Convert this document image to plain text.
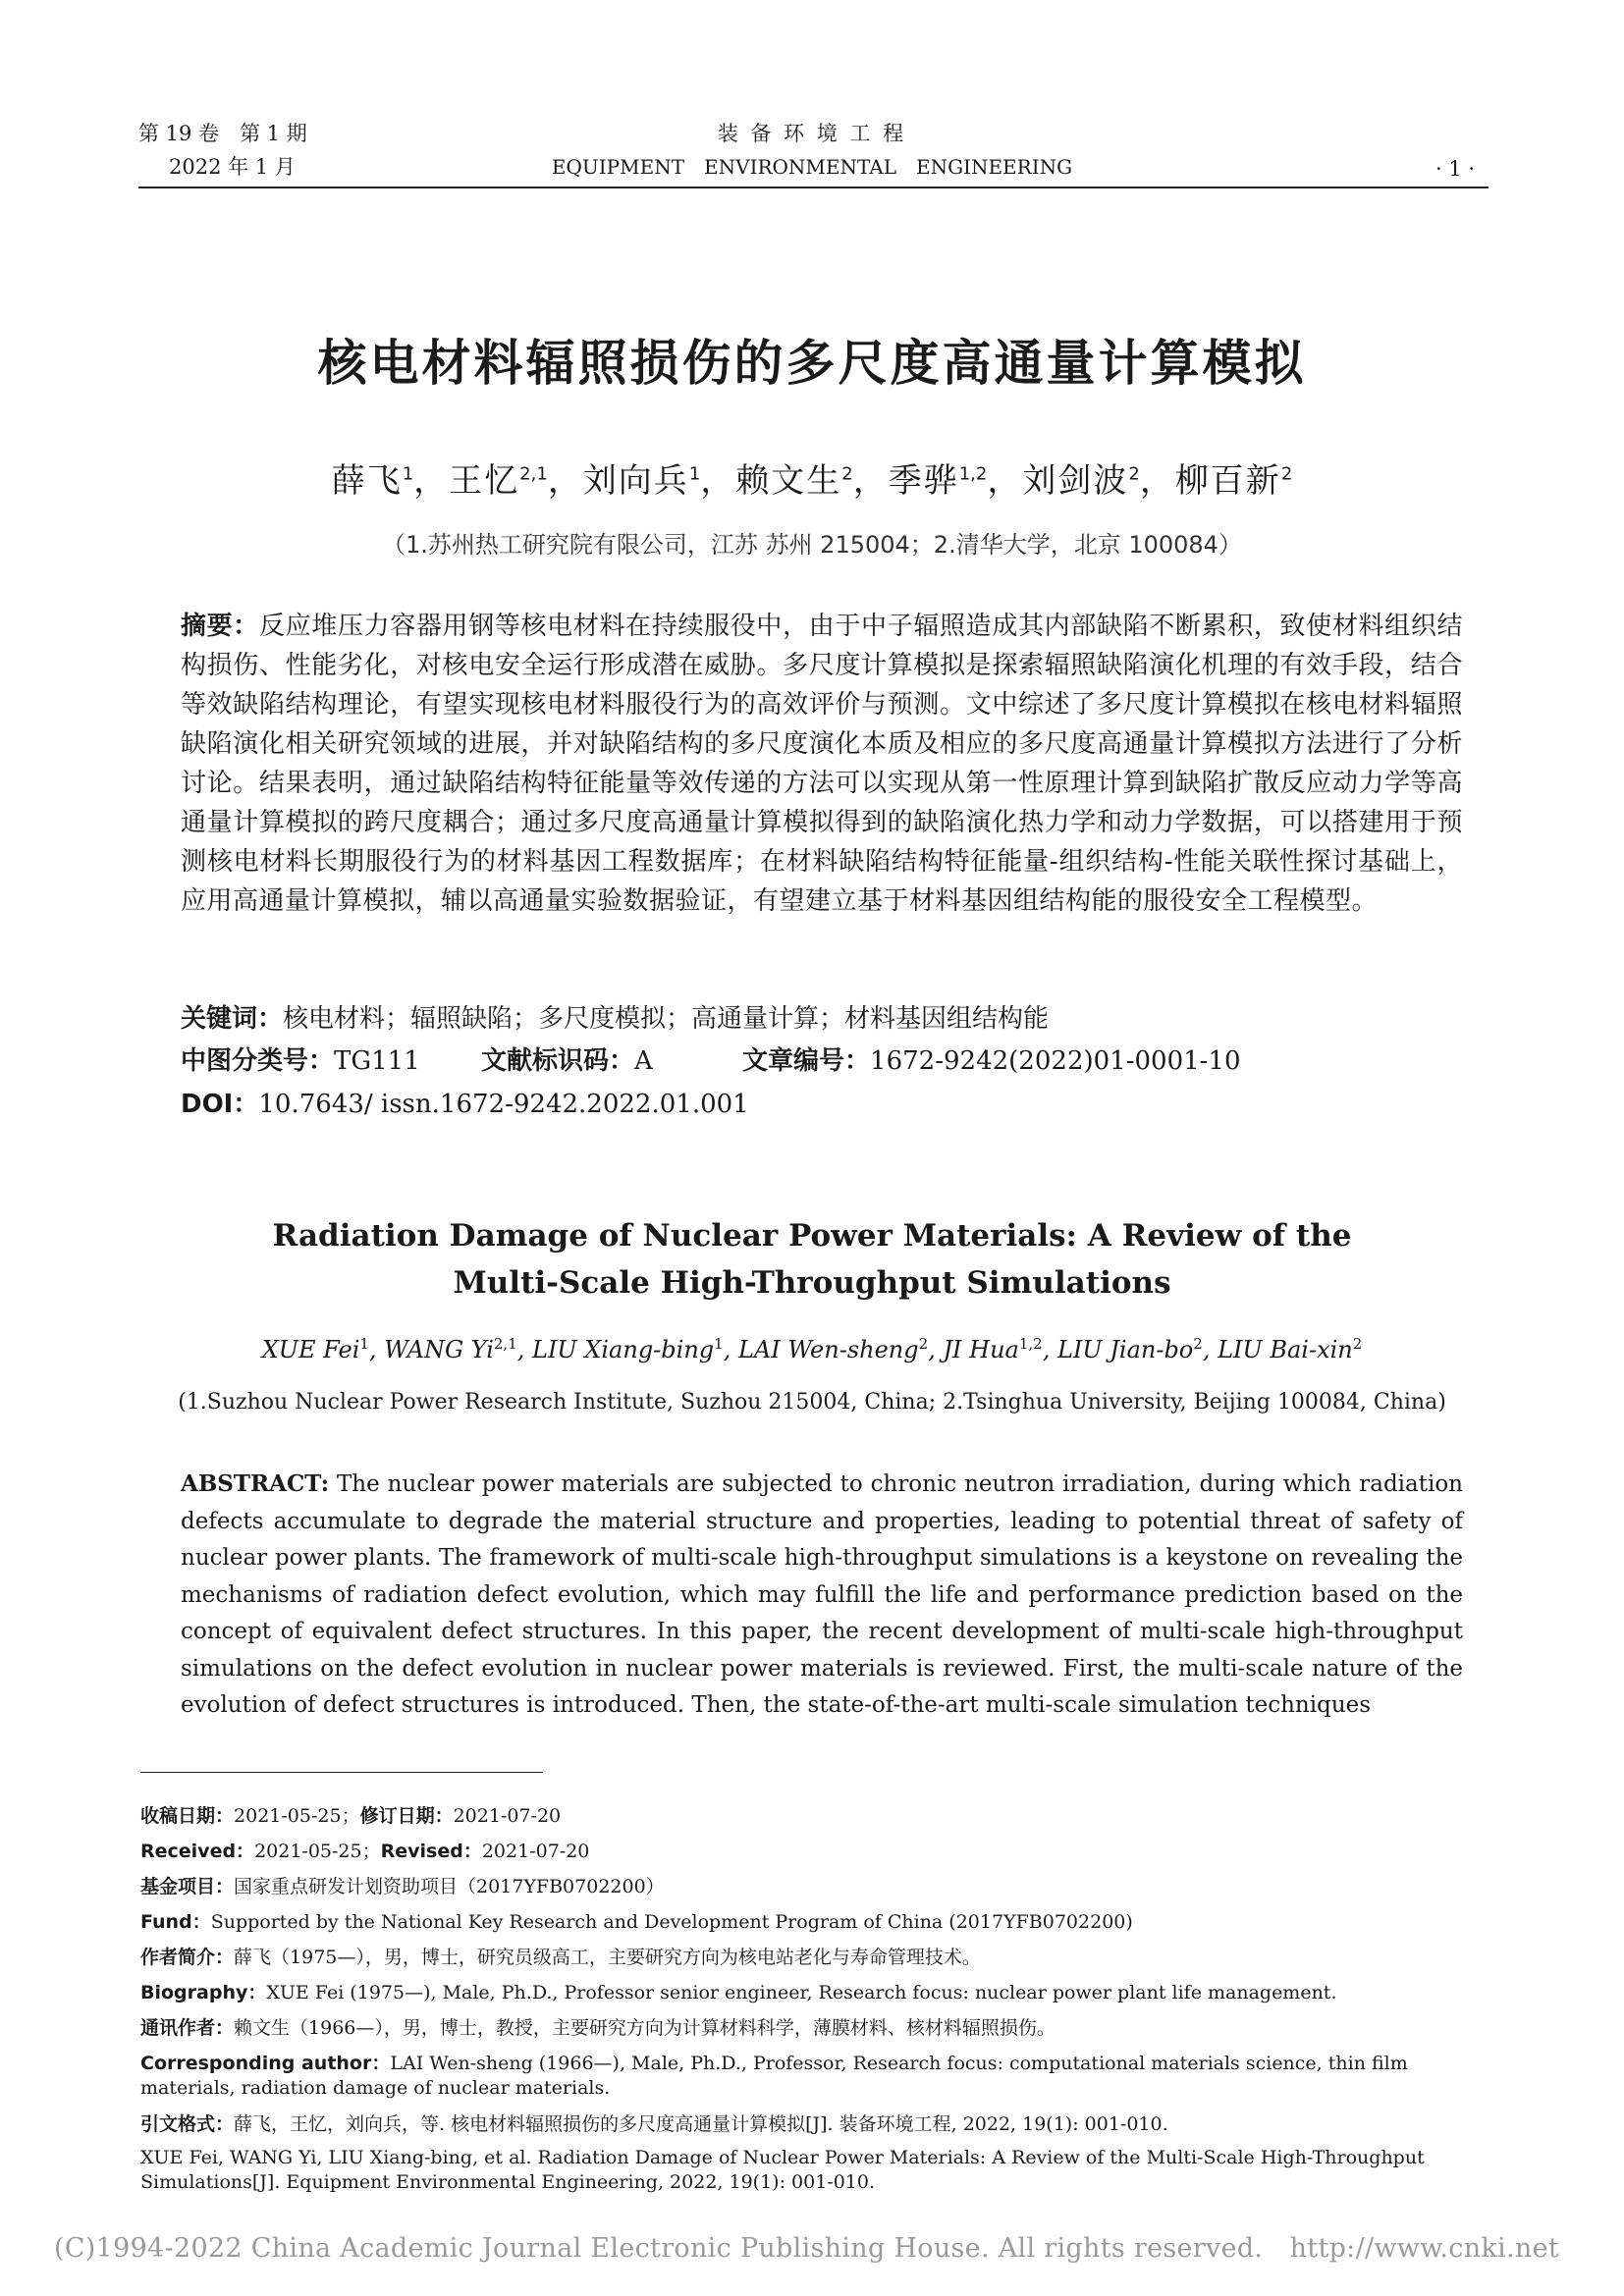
第 19 卷　第 1 期
2022 年 1 月
装 备 环 境 工 程
EQUIPMENT　ENVIRONMENTAL　ENGINEERING	· 1 ·
核电材料辐照损伤的多尺度高通量计算模拟
薛飞$^1$，王忆$^{2,1}$，刘向兵$^1$，赖文生$^2$，季骅$^{1,2}$，刘剑波$^2$，柳百新$^2$
（1.苏州热工研究院有限公司，江苏 苏州 215004；2.清华大学，北京 100084）
摘要：反应堆压力容器用钢等核电材料在持续服役中，由于中子辐照造成其内部缺陷不断累积，致使材料组织结构损伤、性能劣化，对核电安全运行形成潜在威胁。多尺度计算模拟是探索辐照缺陷演化机理的有效手段，结合等效缺陷结构理论，有望实现核电材料服役行为的高效评价与预测。文中综述了多尺度计算模拟在核电材料辐照缺陷演化相关研究领域的进展，并对缺陷结构的多尺度演化本质及相应的多尺度高通量计算模拟方法进行了分析讨论。结果表明，通过缺陷结构特征能量等效传递的方法可以实现从第一性原理计算到缺陷扩散反应动力学等高通量计算模拟的跨尺度耦合；通过多尺度高通量计算模拟得到的缺陷演化热力学和动力学数据，可以搭建用于预测核电材料长期服役行为的材料基因工程数据库；在材料缺陷结构特征能量-组织结构-性能关联性探讨基础上，应用高通量计算模拟，辅以高通量实验数据验证，有望建立基于材料基因组结构能的服役安全工程模型。
关键词：核电材料；辐照缺陷；多尺度模拟；高通量计算；材料基因组结构能
中图分类号：TG111 文献标识码：A	文章编号：1672-9242(2022)01-0001-10
DOI：10.7643/ issn.1672-9242.2022.01.001
Radiation Damage of Nuclear Power Materials: A Review of the
Multi-Scale High-Throughput Simulations
XUE Fei$^1$, WANG Yi$^{2,1}$, LIU Xiang-bing$^1$, LAI Wen-sheng$^2$, JI Hua$^{1,2}$, LIU Jian-$bo^2$, LIU Bai-xin$^2$
(1.Suzhou Nuclear Power Research Institute, Suzhou 215004, China; 2.Tsinghua University, Beijing 100084, China)
ABSTRACT: The nuclear power materials are subjected to chronic neutron irradiation, during which radiation defects accumulate to degrade the material structure and properties, leading to potential threat of safety of nuclear power plants. The framework of multi-scale high-throughput simulations is a keystone on revealing the mechanisms of radiation defect evolution, which may fulfill the life and performance prediction based on the concept of equivalent defect structures. In this paper, the recent development of multi-scale high-throughput simulations on the defect evolution in nuclear power materials is reviewed. First, the multi-scale nature of the evolution of defect structures is introduced. Then, the state-of-the-art multi-scale simulation techniques
收稿日期：2021-05-25；修订日期：2021-07-20
Received：2021-05-25；Revised：2021-07-20
基金项目：国家重点研发计划资助项目（2017YFB0702200）
Fund：Supported by the National Key Research and Development Program of China (2017YFB0702200)
作者简介：薛飞（1975—），男，博士，研究员级高工，主要研究方向为核电站老化与寿命管理技术。
Biography：XUE Fei (1975—), Male, Ph.D., Professor senior engineer, Research focus: nuclear power plant life management.
通讯作者：赖文生（1966—），男，博士，教授，主要研究方向为计算材料科学，薄膜材料、核材料辐照损伤。
Corresponding author：LAI Wen-sheng (1966—), Male, Ph.D., Professor, Research focus: computational materials science, thin film materials, radiation damage of nuclear materials.
引文格式：薛飞，王忆，刘向兵，等. 核电材料辐照损伤的多尺度高通量计算模拟[J]. 装备环境工程, 2022, 19(1): 001-010.
XUE Fei, WANG Yi, LIU Xiang-bing, et al. Radiation Damage of Nuclear Power Materials: A Review of the Multi-Scale High-Throughput Simulations[J]. Equipment Environmental Engineering, 2022, 19(1): 001-010.
(C)1994-2022 China Academic Journal Electronic Publishing House. All rights reserved.　http://www.cnki.net
